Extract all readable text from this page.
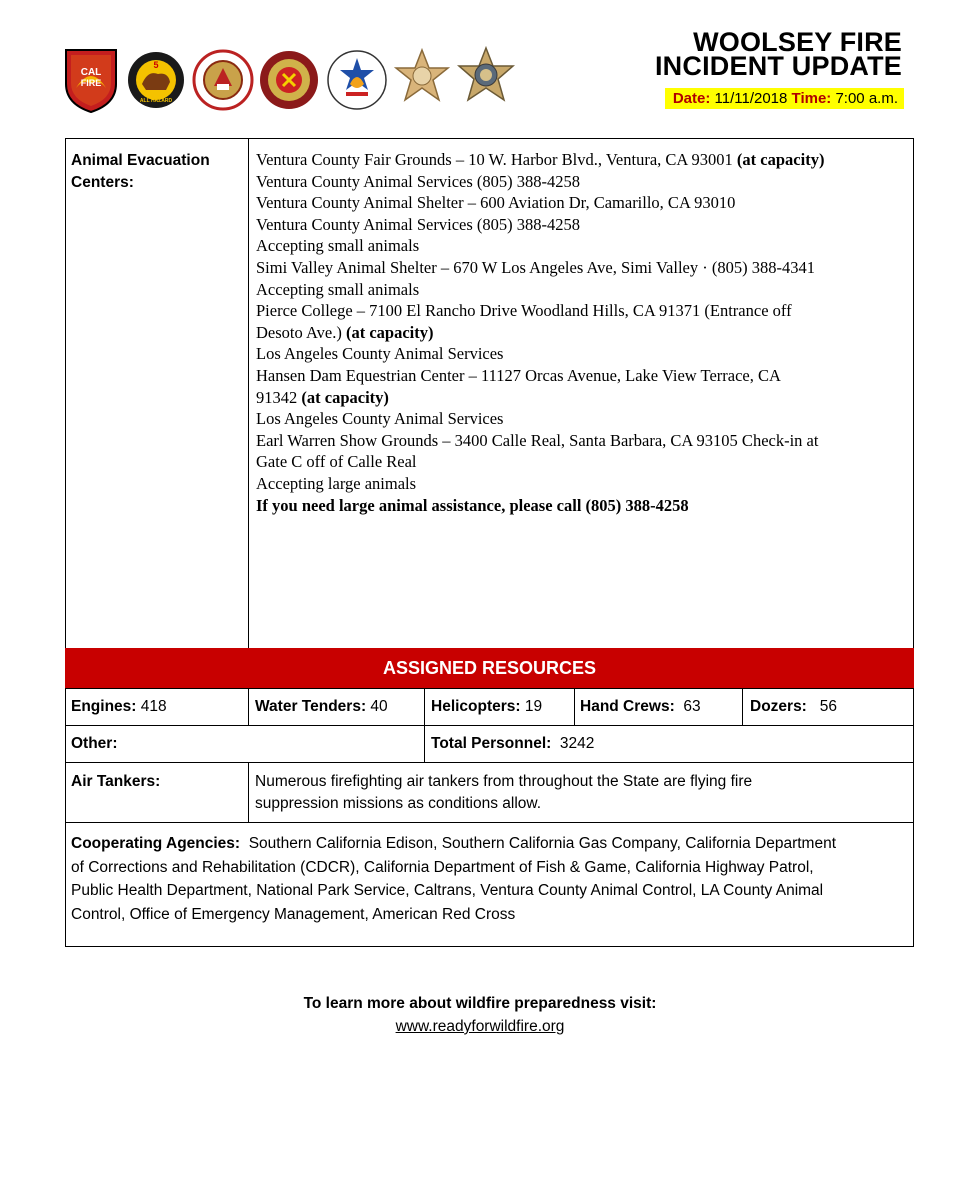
CAL
FIRE
5
ALL HAZARD
WOOLSEY FIRE
INCIDENT UPDATE
Date: 11/11/2018 Time: 7:00 a.m.
Animal Evacuation
Centers:
Ventura County Fair Grounds – 10 W. Harbor Blvd., Ventura, CA 93001 (at capacity)
Ventura County Animal Services (805) 388-4258
Ventura County Animal Shelter – 600 Aviation Dr, Camarillo, CA 93010
Ventura County Animal Services (805) 388-4258
Accepting small animals
Simi Valley Animal Shelter – 670 W Los Angeles Ave, Simi Valley · (805) 388-4341
Accepting small animals
Pierce College – 7100 El Rancho Drive Woodland Hills, CA 91371 (Entrance off
Desoto Ave.) (at capacity)
Los Angeles County Animal Services
Hansen Dam Equestrian Center – 11127 Orcas Avenue, Lake View Terrace, CA
91342 (at capacity)
Los Angeles County Animal Services
Earl Warren Show Grounds – 3400 Calle Real, Santa Barbara, CA 93105 Check-in at
Gate C off of Calle Real
Accepting large animals
If you need large animal assistance, please call (805) 388-4258
ASSIGNED RESOURCES
Engines: 418	Water Tenders: 40	Helicopters: 19 Hand Crews: 63	Dozers: 56
Other:	Total Personnel: 3242
Air Tankers:	Numerous firefighting air tankers from throughout the State are flying fire
suppression missions as conditions allow.
Cooperating Agencies: Southern California Edison, Southern California Gas Company, California Department
of Corrections and Rehabilitation (CDCR), California Department of Fish & Game, California Highway Patrol,
Public Health Department, National Park Service, Caltrans, Ventura County Animal Control, LA County Animal
Control, Office of Emergency Management, American Red Cross
To learn more about wildfire preparedness visit:
www.readyforwildfire.org
